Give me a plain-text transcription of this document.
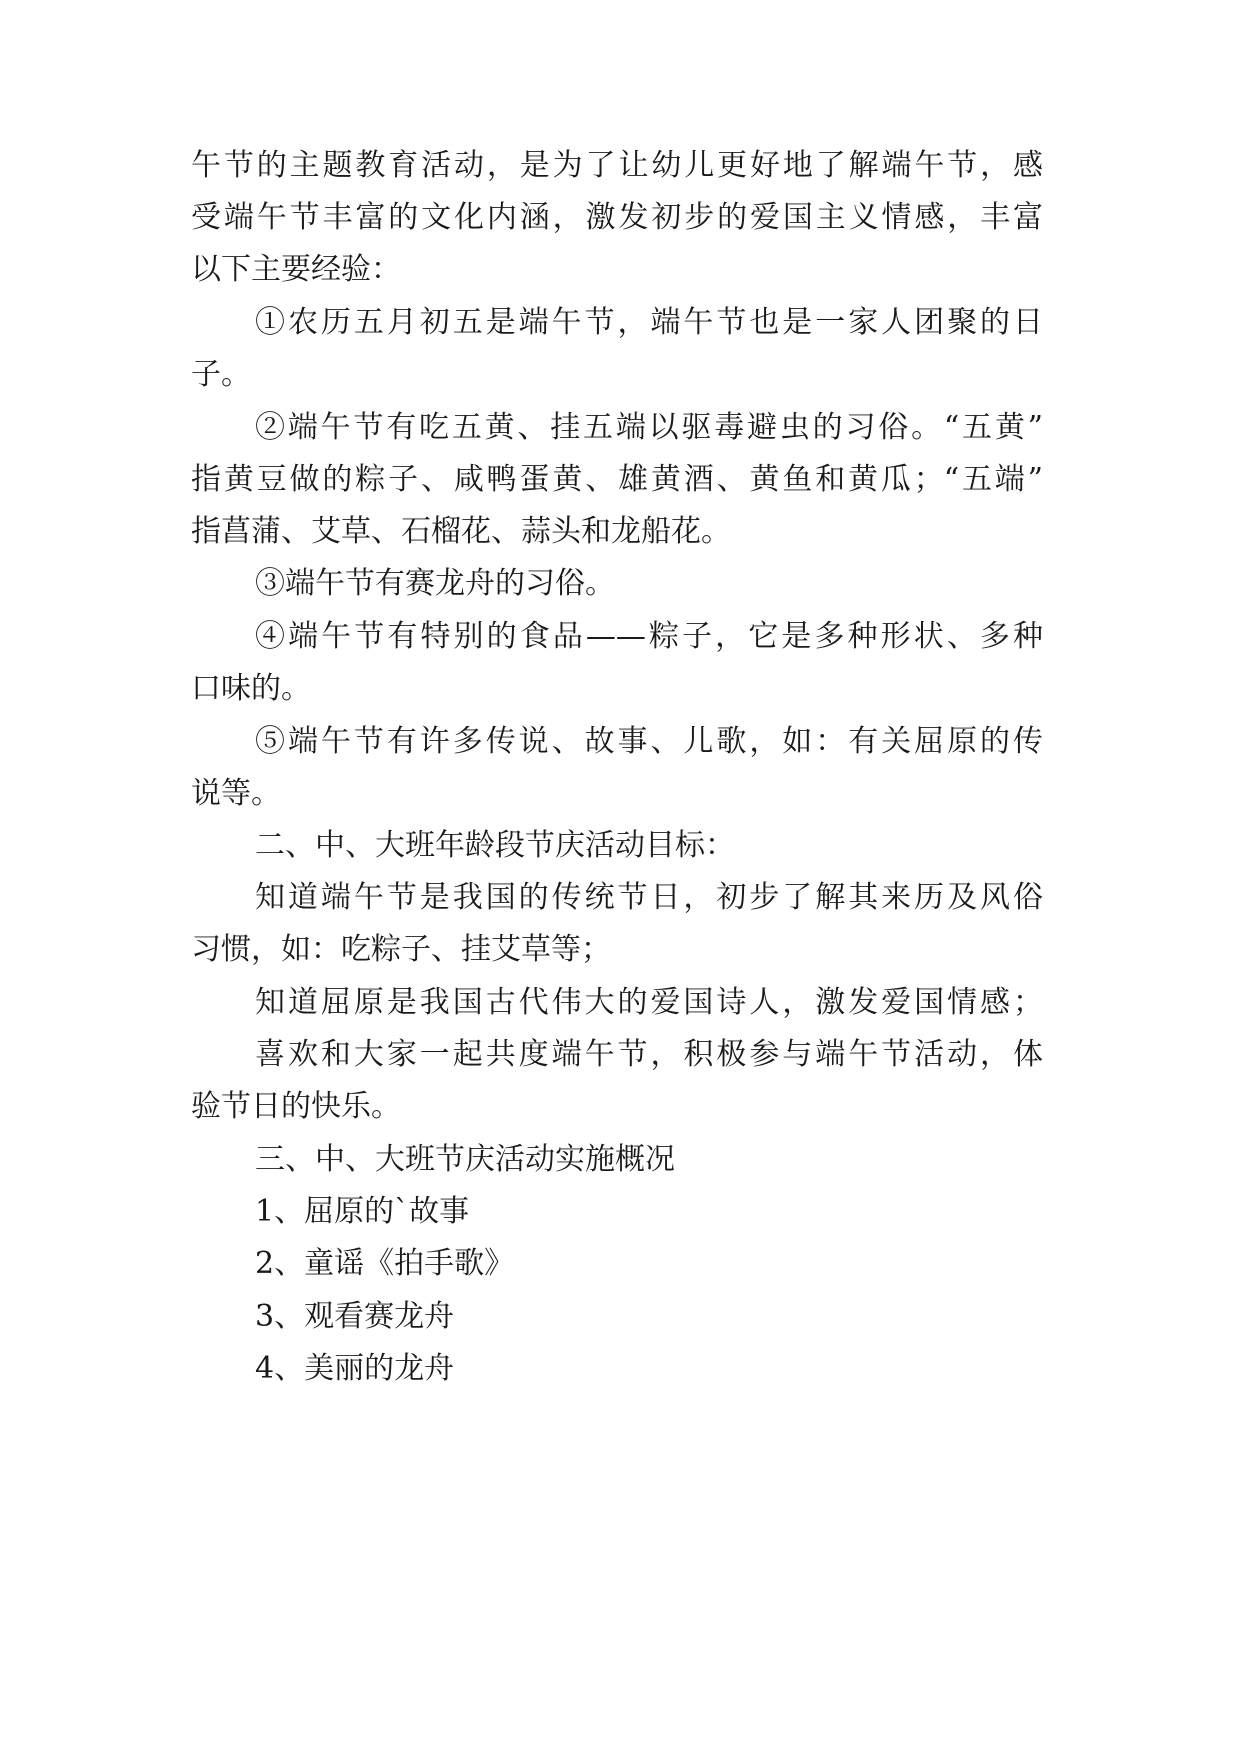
午节的主题教育活动，是为了让幼儿更好地了解端午节，感
受端午节丰富的文化内涵，激发初步的爱国主义情感，丰富
以下主要经验：
①农历五月初五是端午节，端午节也是一家人团聚的日
子。
②端午节有吃五黄、挂五端以驱毒避虫的习俗。“五黄”
指黄豆做的粽子、咸鸭蛋黄、雄黄酒、黄鱼和黄瓜；“五端”
指菖蒲、艾草、石榴花、蒜头和龙船花。
③端午节有赛龙舟的习俗。
④端午节有特别的食品——粽子，它是多种形状、多种
口味的。
⑤端午节有许多传说、故事、儿歌，如：有关屈原的传
说等。
二、中、大班年龄段节庆活动目标：
知道端午节是我国的传统节日，初步了解其来历及风俗
习惯，如：吃粽子、挂艾草等；
知道屈原是我国古代伟大的爱国诗人，激发爱国情感；
喜欢和大家一起共度端午节，积极参与端午节活动，体
验节日的快乐。
三、中、大班节庆活动实施概况
1、屈原的`故事
2、童谣《拍手歌》
3、观看赛龙舟
4、美丽的龙舟
